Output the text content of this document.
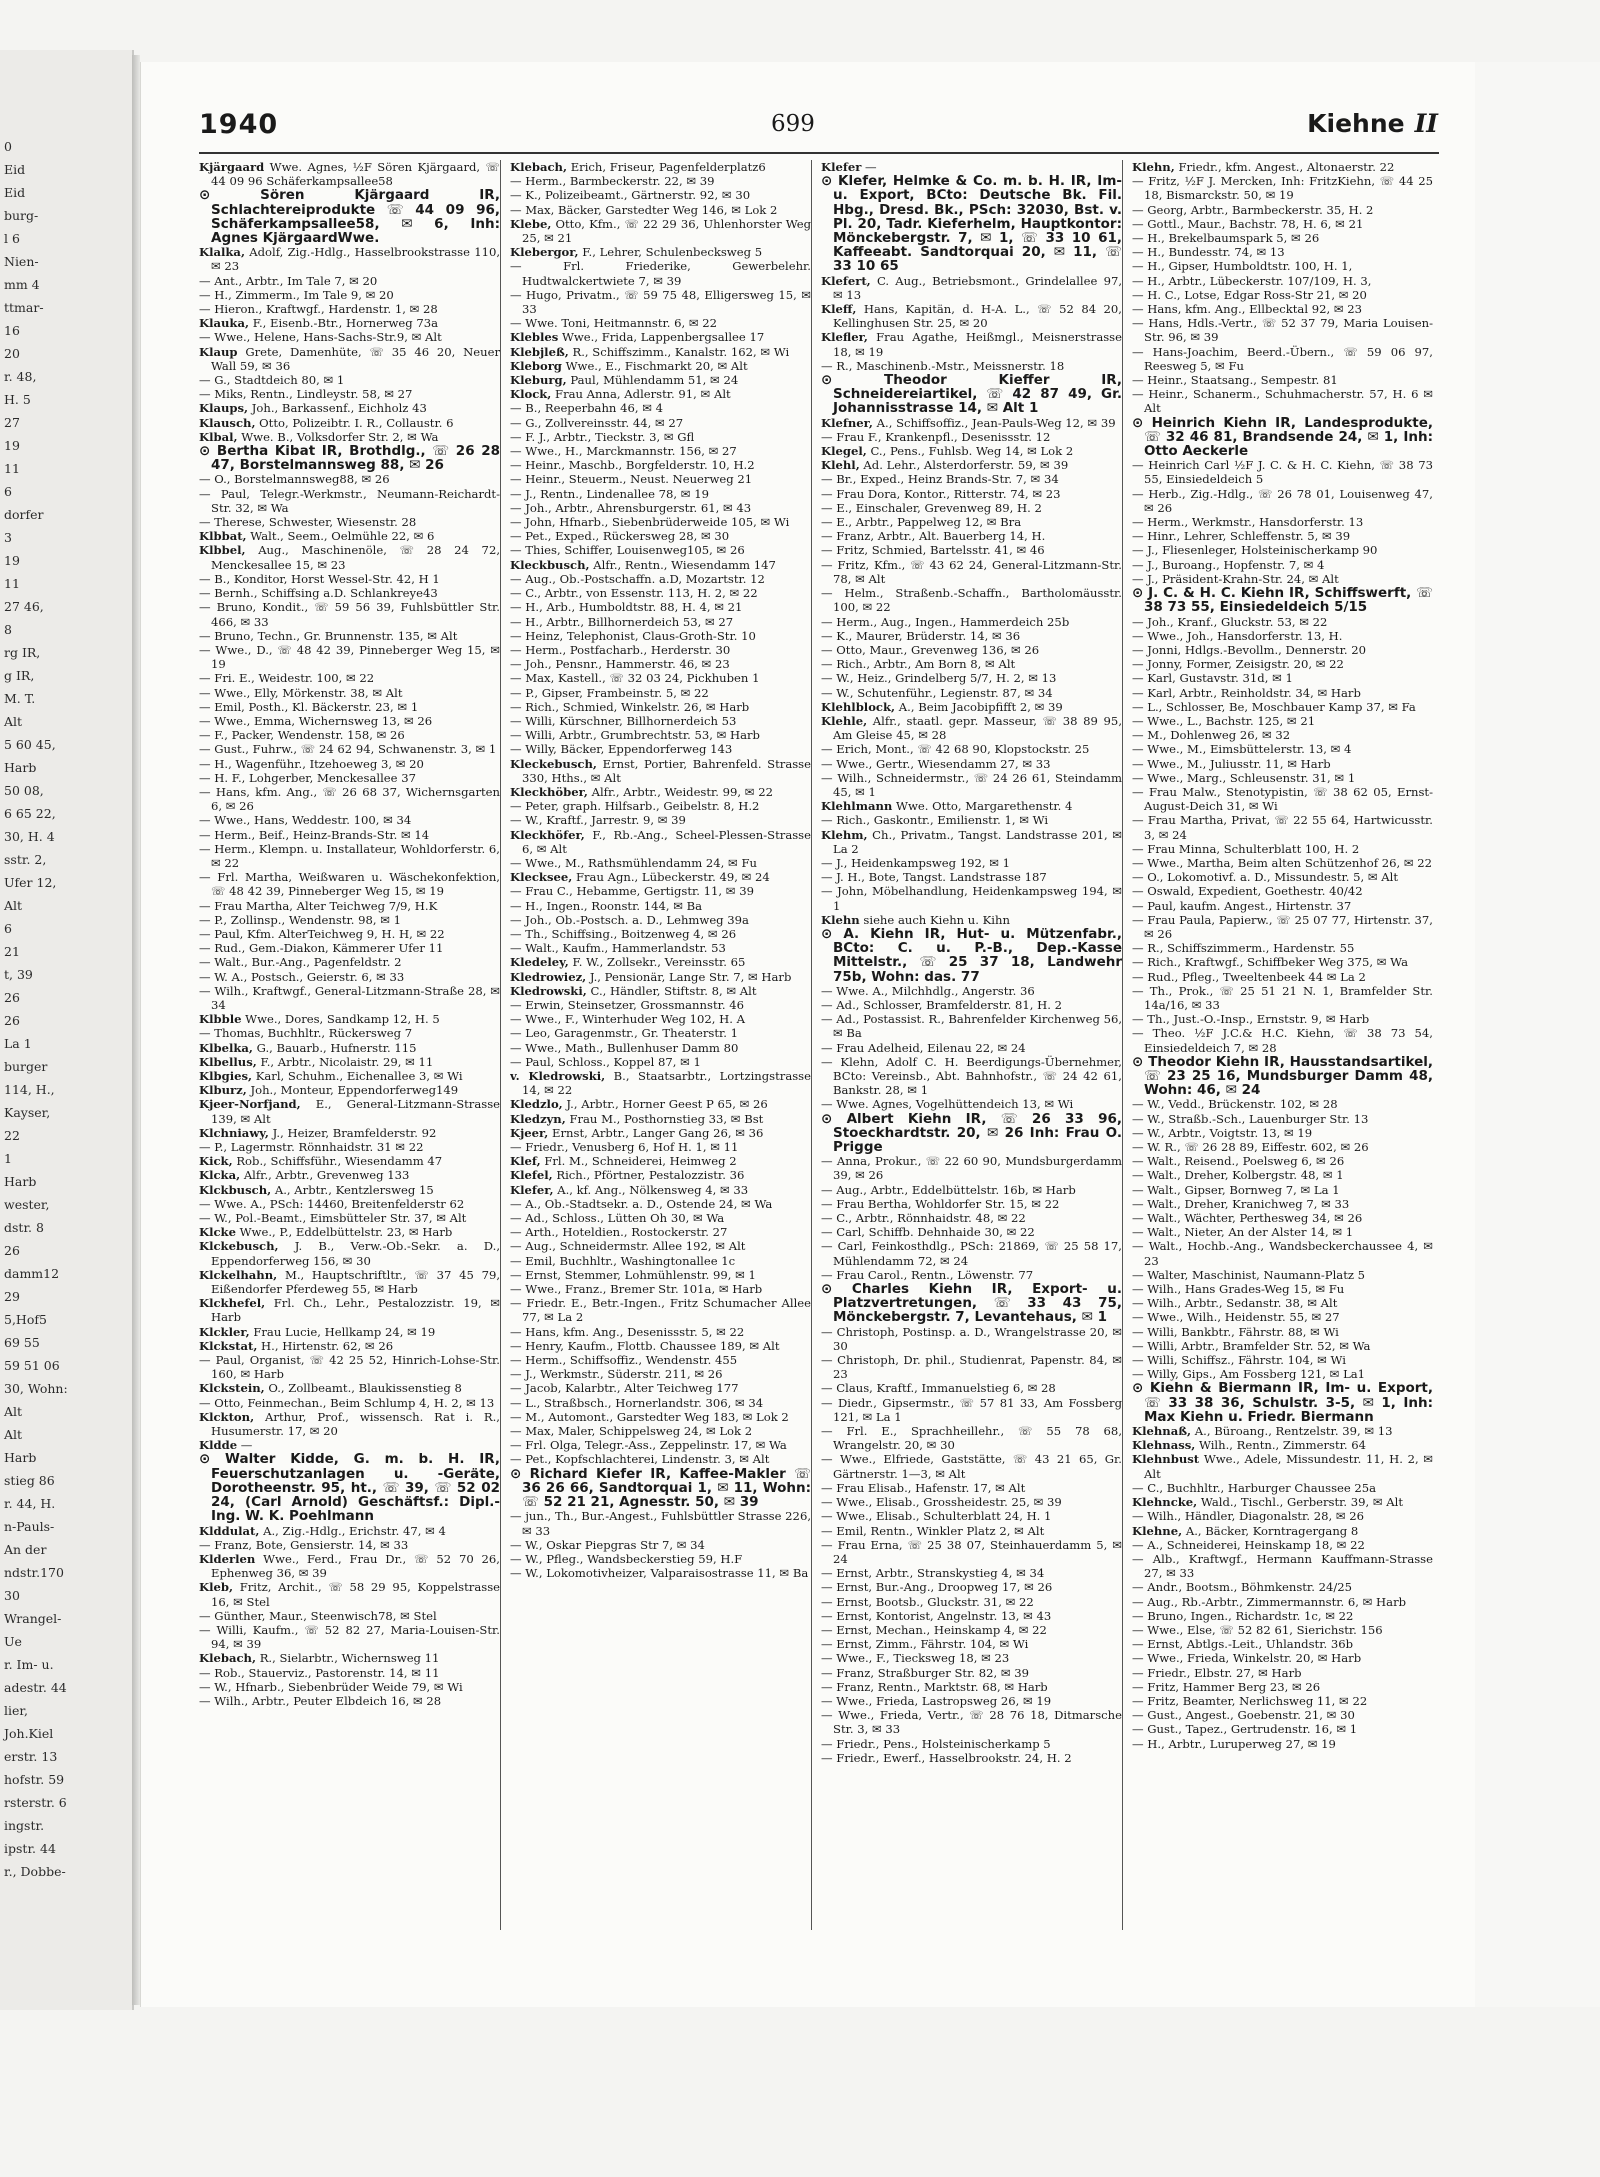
0
Eid
Eid
burg-
l 6
Nien-
mm 4
ttmar-
16
20
r. 48,
H. 5
27
19
11
6
dorfer
3
19
11
27 46,
8
rg IR,
g IR,
M. T.
Alt
5 60 45,
Harb
50 08,
6 65 22,
30, H. 4
sstr. 2,
Ufer 12,
Alt
6
21
t, 39
26
26
La 1
burger
114, H.,
Kayser,
22
1
Harb
wester,
dstr. 8
26
damm12
29
5,Hof5
69 55
59 51 06
30, Wohn:
Alt
Alt
Harb
stieg 86
r. 44, H.
n-Pauls-
An der
ndstr.170
30
Wrangel-
Ue
r. Im- u.
adestr. 44
lier,
Joh.Kiel
erstr. 13
hofstr. 59
rsterstr. 6
ingstr.
ipstr. 44
r., Dobbe-
1940	699	Kiehne II

Kjärgaard Wwe. Agnes, ½F Sören Kjärgaard, ☏ 44 09 96 Schäferkampsallee58

⊙ Sören Kjärgaard IR, Schlachtereiprodukte ☏ 44 09 96, Schäferkampsallee58, ✉ 6, Inh: Agnes KjärgaardWwe.

Klalka, Adolf, Zig.-Hdlg., Hasselbrookstrasse 110, ✉ 23

— Ant., Arbtr., Im Tale 7, ✉ 20

— H., Zimmerm., Im Tale 9, ✉ 20

— Hieron., Kraftwgf., Hardenstr. 1, ✉ 28

Klauka, F., Eisenb.-Btr., Hornerweg 73a

— Wwe., Helene, Hans-Sachs-Str.9, ✉ Alt

Klaup Grete, Damenhüte, ☏ 35 46 20, Neuer Wall 59, ✉ 36

— G., Stadtdeich 80, ✉ 1

— Miks, Rentn., Lindleystr. 58, ✉ 27

Klaups, Joh., Barkassenf., Eichholz 43

Klausch, Otto, Polizeibtr. I. R., Collaustr. 6

Klbal, Wwe. B., Volksdorfer Str. 2, ✉ Wa

⊙ Bertha Kibat IR, Brothdlg., ☏ 26 28 47, Borstelmannsweg 88, ✉ 26

— O., Borstelmannsweg88, ✉ 26

— Paul, Telegr.-Werkmstr., Neumann-Reichardt-Str. 32, ✉ Wa

— Therese, Schwester, Wiesenstr. 28

Klbbat, Walt., Seem., Oelmühle 22, ✉ 6

Klbbel, Aug., Maschinenöle, ☏ 28 24 72, Menckesallee 15, ✉ 23

— B., Konditor, Horst Wessel-Str. 42, H 1

— Bernh., Schiffsing a.D. Schlankreye43

— Bruno, Kondit., ☏ 59 56 39, Fuhlsbüttler Str. 466, ✉ 33

— Bruno, Techn., Gr. Brunnenstr. 135, ✉ Alt

— Wwe., D., ☏ 48 42 39, Pinneberger Weg 15, ✉ 19

— Fri. E., Weidestr. 100, ✉ 22

— Wwe., Elly, Mörkenstr. 38, ✉ Alt

— Emil, Posth., Kl. Bäckerstr. 23, ✉ 1

— Wwe., Emma, Wichernsweg 13, ✉ 26

— F., Packer, Wendenstr. 158, ✉ 26

— Gust., Fuhrw., ☏ 24 62 94, Schwanenstr. 3, ✉ 1

— H., Wagenführ., Itzehoeweg 3, ✉ 20

— H. F., Lohgerber, Menckesallee 37

— Hans, kfm. Ang., ☏ 26 68 37, Wichernsgarten 6, ✉ 26

— Wwe., Hans, Weddestr. 100, ✉ 34

— Herm., Beif., Heinz-Brands-Str. ✉ 14

— Herm., Klempn. u. Installateur, Wohldorferstr. 6, ✉ 22

— Frl. Martha, Weißwaren u. Wäschekonfektion, ☏ 48 42 39, Pinneberger Weg 15, ✉ 19

— Frau Martha, Alter Teichweg 7/9, H.K

— P., Zollinsp., Wendenstr. 98, ✉ 1

— Paul, Kfm. AlterTeichweg 9, H. H, ✉ 22

— Rud., Gem.-Diakon, Kämmerer Ufer 11

— Walt., Bur.-Ang., Pagenfeldstr. 2

— W. A., Postsch., Geierstr. 6, ✉ 33

— Wilh., Kraftwgf., General-Litzmann-Straße 28, ✉ 34

Klbble Wwe., Dores, Sandkamp 12, H. 5

— Thomas, Buchhltr., Rückersweg 7

Klbelka, G., Bauarb., Hufnerstr. 115

Klbellus, F., Arbtr., Nicolaistr. 29, ✉ 11

Klbgies, Karl, Schuhm., Eichenallee 3, ✉ Wi

Klburz, Joh., Monteur, Eppendorferweg149

Kjeer-Norfjand, E., General-Litzmann-Strasse 139, ✉ Alt

Klchniawy, J., Heizer, Bramfelderstr. 92

— P., Lagermstr. Rönnhaidstr. 31 ✉ 22

Kick, Rob., Schiffsführ., Wiesendamm 47

Klcka, Alfr., Arbtr., Grevenweg 133

Klckbusch, A., Arbtr., Kentzlersweg 15

— Wwe. A., PSch: 14460, Breitenfelderstr 62

— W., Pol.-Beamt., Eimsbütteler Str. 37, ✉ Alt

Klcke Wwe., P., Eddelbüttelstr. 23, ✉ Harb

Klckebusch, J. B., Verw.-Ob.-Sekr. a. D., Eppendorferweg 156, ✉ 30

Klckelhahn, M., Hauptschriftltr., ☏ 37 45 79, Eißendorfer Pferdeweg 55, ✉ Harb

Klckhefel, Frl. Ch., Lehr., Pestalozzistr. 19, ✉ Harb

Klckler, Frau Lucie, Hellkamp 24, ✉ 19

Klckstat, H., Hirtenstr. 62, ✉ 26

— Paul, Organist, ☏ 42 25 52, Hinrich-Lohse-Str. 160, ✉ Harb

Klckstein, O., Zollbeamt., Blaukissenstieg 8

— Otto, Feinmechan., Beim Schlump 4, H. 2, ✉ 13

Klckton, Arthur, Prof., wissensch. Rat i. R., Husumerstr. 17, ✉ 20

Kldde —

⊙ Walter Kidde, G. m. b. H. IR, Feuerschutzanlagen u. -Geräte, Dorotheenstr. 95, ht., ☏ 39, ☏ 52 02 24, (Carl Arnold) Geschäftsf.: Dipl.-Ing. W. K. Poehlmann

Klddulat, A., Zig.-Hdlg., Erichstr. 47, ✉ 4

— Franz, Bote, Gensierstr. 14, ✉ 33

Klderlen Wwe., Ferd., Frau Dr., ☏ 52 70 26, Ephenweg 36, ✉ 39

Kleb, Fritz, Archit., ☏ 58 29 95, Koppelstrasse 16, ✉ Stel

— Günther, Maur., Steenwisch78, ✉ Stel

— Willi, Kaufm., ☏ 52 82 27, Maria-Louisen-Str. 94, ✉ 39

Klebach, R., Sielarbtr., Wichernsweg 11

— Rob., Stauerviz., Pastorenstr. 14, ✉ 11

— W., Hfnarb., Siebenbrüder Weide 79, ✉ Wi

— Wilh., Arbtr., Peuter Elbdeich 16, ✉ 28

Klebach, Erich, Friseur, Pagenfelderplatz6

— Herm., Barmbeckerstr. 22, ✉ 39

— K., Polizeibeamt., Gärtnerstr. 92, ✉ 30

— Max, Bäcker, Garstedter Weg 146, ✉ Lok 2

Klebe, Otto, Kfm., ☏ 22 29 36, Uhlenhorster Weg 25, ✉ 21

Klebergor, F., Lehrer, Schulenbecksweg 5

— Frl. Friederike, Gewerbelehr. Hudtwalckertwiete 7, ✉ 39

— Hugo, Privatm., ☏ 59 75 48, Elligersweg 15, ✉ 33

— Wwe. Toni, Heitmannstr. 6, ✉ 22

Klebles Wwe., Frida, Lappenbergsallee 17

Klebjleß, R., Schiffszimm., Kanalstr. 162, ✉ Wi

Kleborg Wwe., E., Fischmarkt 20, ✉ Alt

Kleburg, Paul, Mühlendamm 51, ✉ 24

Klock, Frau Anna, Adlerstr. 91, ✉ Alt

— B., Reeperbahn 46, ✉ 4

— G., Zollvereinsstr. 44, ✉ 27

— F. J., Arbtr., Tieckstr. 3, ✉ Gfl

— Wwe., H., Marckmannstr. 156, ✉ 27

— Heinr., Maschb., Borgfelderstr. 10, H.2

— Heinr., Steuerm., Neust. Neuerweg 21

— J., Rentn., Lindenallee 78, ✉ 19

— Joh., Arbtr., Ahrensburgerstr. 61, ✉ 43

— John, Hfnarb., Siebenbrüderweide 105, ✉ Wi

— Pet., Exped., Rückersweg 28, ✉ 30

— Thies, Schiffer, Louisenweg105, ✉ 26

Kleckbusch, Alfr., Rentn., Wiesendamm 147

— Aug., Ob.-Postschaffn. a.D, Mozartstr. 12

— C., Arbtr., von Essenstr. 113, H. 2, ✉ 22

— H., Arb., Humboldtstr. 88, H. 4, ✉ 21

— H., Arbtr., Billhornerdeich 53, ✉ 27

— Heinz, Telephonist, Claus-Groth-Str. 10

— Herm., Postfacharb., Herderstr. 30

— Joh., Pensnr., Hammerstr. 46, ✉ 23

— Max, Kastell., ☏ 32 03 24, Pickhuben 1

— P., Gipser, Frambeinstr. 5, ✉ 22

— Rich., Schmied, Winkelstr. 26, ✉ Harb

— Willi, Kürschner, Billhornerdeich 53

— Willi, Arbtr., Grumbrechtstr. 53, ✉ Harb

— Willy, Bäcker, Eppendorferweg 143

Kleckebusch, Ernst, Portier, Bahrenfeld. Strasse 330, Hths., ✉ Alt

Kleckhöber, Alfr., Arbtr., Weidestr. 99, ✉ 22

— Peter, graph. Hilfsarb., Geibelstr. 8, H.2

— W., Kraftf., Jarrestr. 9, ✉ 39

Kleckhöfer, F., Rb.-Ang., Scheel-Plessen-Strasse 6, ✉ Alt

— Wwe., M., Rathsmühlendamm 24, ✉ Fu

Klecksee, Frau Agn., Lübeckerstr. 49, ✉ 24

— Frau C., Hebamme, Gertigstr. 11, ✉ 39

— H., Ingen., Roonstr. 144, ✉ Ba

— Joh., Ob.-Postsch. a. D., Lehmweg 39a

— Th., Schiffsing., Boitzenweg 4, ✉ 26

— Walt., Kaufm., Hammerlandstr. 53

Kledeley, F. W., Zollsekr., Vereinsstr. 65

Kledrowiez, J., Pensionär, Lange Str. 7, ✉ Harb

Kledrowski, C., Händler, Stiftstr. 8, ✉ Alt

— Erwin, Steinsetzer, Grossmannstr. 46

— Wwe., F., Winterhuder Weg 102, H. A

— Leo, Garagenmstr., Gr. Theaterstr. 1

— Wwe., Math., Bullenhuser Damm 80

— Paul, Schloss., Koppel 87, ✉ 1

v. Kledrowski, B., Staatsarbtr., Lortzingstrasse 14, ✉ 22

Kledzlo, J., Arbtr., Horner Geest P 65, ✉ 26

Kledzyn, Frau M., Posthornstieg 33, ✉ Bst

Kjeer, Ernst, Arbtr., Langer Gang 26, ✉ 36

— Friedr., Venusberg 6, Hof H. 1, ✉ 11

Klef, Frl. M., Schneiderei, Heimweg 2

Klefel, Rich., Pförtner, Pestalozzistr. 36

Klefer, A., kf. Ang., Nölkensweg 4, ✉ 33

— A., Ob.-Stadtsekr. a. D., Ostende 24, ✉ Wa

— Ad., Schloss., Lütten Oh 30, ✉ Wa

— Arth., Hoteldien., Rostockerstr. 27

— Aug., Schneidermstr. Allee 192, ✉ Alt

— Emil, Buchhltr., Washingtonallee 1c

— Ernst, Stemmer, Lohmühlenstr. 99, ✉ 1

— Wwe., Franz., Bremer Str. 101a, ✉ Harb

— Friedr. E., Betr.-Ingen., Fritz Schumacher Allee 77, ✉ La 2

— Hans, kfm. Ang., Desenissstr. 5, ✉ 22

— Henry, Kaufm., Flottb. Chaussee 189, ✉ Alt

— Herm., Schiffsoffiz., Wendenstr. 455

— J., Werkmstr., Süderstr. 211, ✉ 26

— Jacob, Kalarbtr., Alter Teichweg 177

— L., Straßbsch., Hornerlandstr. 306, ✉ 34

— M., Automont., Garstedter Weg 183, ✉ Lok 2

— Max, Maler, Schippelsweg 24, ✉ Lok 2

— Frl. Olga, Telegr.-Ass., Zeppelinstr. 17, ✉ Wa

— Pet., Kopfschlachterei, Lindenstr. 3, ✉ Alt

⊙ Richard Kiefer IR, Kaffee-Makler ☏ 36 26 66, Sandtorquai 1, ✉ 11, Wohn: ☏ 52 21 21, Agnesstr. 50, ✉ 39

— jun., Th., Bur.-Angest., Fuhlsbüttler Strasse 226, ✉ 33

— W., Oskar Piepgras Str 7, ✉ 34

— W., Pfleg., Wandsbeckerstieg 59, H.F

— W., Lokomotivheizer, Valparaisostrasse 11, ✉ Ba

Klefer —

⊙ Klefer, Helmke & Co. m. b. H. IR, Im- u. Export, BCto: Deutsche Bk. Fil. Hbg., Dresd. Bk., PSch: 32030, Bst. v. Pl. 20, Tadr. Kieferhelm, Hauptkontor: Mönckebergstr. 7, ✉ 1, ☏ 33 10 61, Kaffeeabt. Sandtorquai 20, ✉ 11, ☏ 33 10 65

Klefert, C. Aug., Betriebsmont., Grindelallee 97, ✉ 13

Kleff, Hans, Kapitän, d. H-A. L., ☏ 52 84 20, Kellinghusen Str. 25, ✉ 20

Klefler, Frau Agathe, Heißmgl., Meisnerstrasse 18, ✉ 19

— R., Maschinenb.-Mstr., Meissnerstr. 18

⊙ Theodor Kieffer IR, Schneidereiartikel, ☏ 42 87 49, Gr. Johannisstrasse 14, ✉ Alt 1

Klefner, A., Schiffsoffiz., Jean-Pauls-Weg 12, ✉ 39

— Frau F., Krankenpfl., Desenissstr. 12

Klegel, C., Pens., Fuhlsb. Weg 14, ✉ Lok 2

Klehl, Ad. Lehr., Alsterdorferstr. 59, ✉ 39

— Br., Exped., Heinz Brands-Str. 7, ✉ 34

— Frau Dora, Kontor., Ritterstr. 74, ✉ 23

— E., Einschaler, Grevenweg 89, H. 2

— E., Arbtr., Pappelweg 12, ✉ Bra

— Franz, Arbtr., Alt. Bauerberg 14, H.

— Fritz, Schmied, Bartelsstr. 41, ✉ 46

— Fritz, Kfm., ☏ 43 62 24, General-Litzmann-Str. 78, ✉ Alt

— Helm., Straßenb.-Schaffn., Bartholomäusstr. 100, ✉ 22

— Herm., Aug., Ingen., Hammerdeich 25b

— K., Maurer, Brüderstr. 14, ✉ 36

— Otto, Maur., Grevenweg 136, ✉ 26

— Rich., Arbtr., Am Born 8, ✉ Alt

— W., Heiz., Grindelberg 5/7, H. 2, ✉ 13

— W., Schutenführ., Legienstr. 87, ✉ 34

Klehlblock, A., Beim Jacobipfifft 2, ✉ 39

Klehle, Alfr., staatl. gepr. Masseur, ☏ 38 89 95, Am Gleise 45, ✉ 28

— Erich, Mont., ☏ 42 68 90, Klopstockstr. 25

— Wwe., Gertr., Wiesendamm 27, ✉ 33

— Wilh., Schneidermstr., ☏ 24 26 61, Steindamm 45, ✉ 1

Klehlmann Wwe. Otto, Margarethenstr. 4

— Rich., Gaskontr., Emilienstr. 1, ✉ Wi

Klehm, Ch., Privatm., Tangst. Landstrasse 201, ✉ La 2

— J., Heidenkampsweg 192, ✉ 1

— J. H., Bote, Tangst. Landstrasse 187

— John, Möbelhandlung, Heidenkampsweg 194, ✉ 1

Klehn siehe auch Kiehn u. Kihn

⊙ A. Kiehn IR, Hut- u. Mützenfabr., BCto: C. u. P.-B., Dep.-Kasse Mittelstr., ☏ 25 37 18, Landwehr 75b, Wohn: das. 77

— Wwe. A., Milchhdlg., Angerstr. 36

— Ad., Schlosser, Bramfelderstr. 81, H. 2

— Ad., Postassist. R., Bahrenfelder Kirchenweg 56, ✉ Ba

— Frau Adelheid, Eilenau 22, ✉ 24

— Klehn, Adolf C. H. Beerdigungs-Übernehmer, BCto: Vereinsb., Abt. Bahnhofstr., ☏ 24 42 61, Bankstr. 28, ✉ 1

— Wwe. Agnes, Vogelhüttendeich 13, ✉ Wi

⊙ Albert Kiehn IR, ☏ 26 33 96, Stoeckhardtstr. 20, ✉ 26 Inh: Frau O. Prigge

— Anna, Prokur., ☏ 22 60 90, Mundsburgerdamm 39, ✉ 26

— Aug., Arbtr., Eddelbüttelstr. 16b, ✉ Harb

— Frau Bertha, Wohldorfer Str. 15, ✉ 22

— C., Arbtr., Rönnhaidstr. 48, ✉ 22

— Carl, Schiffb. Dehnhaide 30, ✉ 22

— Carl, Feinkosthdlg., PSch: 21869, ☏ 25 58 17, Mühlendamm 72, ✉ 24

— Frau Carol., Rentn., Löwenstr. 77

⊙ Charles Kiehn IR, Export- u. Platzvertretungen, ☏ 33 43 75, Mönckebergstr. 7, Levantehaus, ✉ 1

— Christoph, Postinsp. a. D., Wrangelstrasse 20, ✉ 30

— Christoph, Dr. phil., Studienrat, Papenstr. 84, ✉ 23

— Claus, Kraftf., Immanuelstieg 6, ✉ 28

— Diedr., Gipsermstr., ☏ 57 81 33, Am Fossberg 121, ✉ La 1

— Frl. E., Sprachheillehr., ☏ 55 78 68, Wrangelstr. 20, ✉ 30

— Wwe., Elfriede, Gaststätte, ☏ 43 21 65, Gr. Gärtnerstr. 1—3, ✉ Alt

— Frau Elisab., Hafenstr. 17, ✉ Alt

— Wwe., Elisab., Grossheidestr. 25, ✉ 39

— Wwe., Elisab., Schulterblatt 24, H. 1

— Emil, Rentn., Winkler Platz 2, ✉ Alt

— Frau Erna, ☏ 25 38 07, Steinhauerdamm 5, ✉ 24

— Ernst, Arbtr., Stranskystieg 4, ✉ 34

— Ernst, Bur.-Ang., Droopweg 17, ✉ 26

— Ernst, Bootsb., Gluckstr. 31, ✉ 22

— Ernst, Kontorist, Angelnstr. 13, ✉ 43

— Ernst, Mechan., Heinskamp 4, ✉ 22

— Ernst, Zimm., Fährstr. 104, ✉ Wi

— Wwe., F., Tiecksweg 18, ✉ 23

— Franz, Straßburger Str. 82, ✉ 39

— Franz, Rentn., Marktstr. 68, ✉ Harb

— Wwe., Frieda, Lastropsweg 26, ✉ 19

— Wwe., Frieda, Vertr., ☏ 28 76 18, Ditmarsche Str. 3, ✉ 33

— Friedr., Pens., Holsteinischerkamp 5

— Friedr., Ewerf., Hasselbrookstr. 24, H. 2

Klehn, Friedr., kfm. Angest., Altonaerstr. 22

— Fritz, ½F J. Mercken, Inh: FritzKiehn, ☏ 44 25 18, Bismarckstr. 50, ✉ 19

— Georg, Arbtr., Barmbeckerstr. 35, H. 2

— Gottl., Maur., Bachstr. 78, H. 6, ✉ 21

— H., Brekelbaumspark 5, ✉ 26

— H., Bundesstr. 74, ✉ 13

— H., Gipser, Humboldtstr. 100, H. 1,

— H., Arbtr., Lübeckerstr. 107/109, H. 3,

— H. C., Lotse, Edgar Ross-Str 21, ✉ 20

— Hans, kfm. Ang., Ellbecktal 92, ✉ 23

— Hans, Hdls.-Vertr., ☏ 52 37 79, Maria Louisen-Str. 96, ✉ 39

— Hans-Joachim, Beerd.-Übern., ☏ 59 06 97, Reesweg 5, ✉ Fu

— Heinr., Staatsang., Sempestr. 81

— Heinr., Schanerm., Schuhmacherstr. 57, H. 6 ✉ Alt

⊙ Heinrich Kiehn IR, Landesprodukte, ☏ 32 46 81, Brandsende 24, ✉ 1, Inh: Otto Aeckerle

— Heinrich Carl ½F J. C. & H. C. Kiehn, ☏ 38 73 55, Einsiedeldeich 5

— Herb., Zig.-Hdlg., ☏ 26 78 01, Louisenweg 47, ✉ 26

— Herm., Werkmstr., Hansdorferstr. 13

— Hinr., Lehrer, Schleffenstr. 5, ✉ 39

— J., Fliesenleger, Holsteinischerkamp 90

— J., Buroang., Hopfenstr. 7, ✉ 4

— J., Präsident-Krahn-Str. 24, ✉ Alt

⊙ J. C. & H. C. Kiehn IR, Schiffswerft, ☏ 38 73 55, Einsiedeldeich 5/15

— Joh., Kranf., Gluckstr. 53, ✉ 22

— Wwe., Joh., Hansdorferstr. 13, H.

— Jonni, Hdlgs.-Bevollm., Dennerstr. 20

— Jonny, Former, Zeisigstr. 20, ✉ 22

— Karl, Gustavstr. 31d, ✉ 1

— Karl, Arbtr., Reinholdstr. 34, ✉ Harb

— L., Schlosser, Be, Moschbauer Kamp 37, ✉ Fa

— Wwe., L., Bachstr. 125, ✉ 21

— M., Dohlenweg 26, ✉ 32

— Wwe., M., Eimsbüttelerstr. 13, ✉ 4

— Wwe., M., Juliusstr. 11, ✉ Harb

— Wwe., Marg., Schleusenstr. 31, ✉ 1

— Frau Malw., Stenotypistin, ☏ 38 62 05, Ernst-August-Deich 31, ✉ Wi

— Frau Martha, Privat, ☏ 22 55 64, Hartwicusstr. 3, ✉ 24

— Frau Minna, Schulterblatt 100, H. 2

— Wwe., Martha, Beim alten Schützenhof 26, ✉ 22

— O., Lokomotivf. a. D., Missundestr. 5, ✉ Alt

— Oswald, Expedient, Goethestr. 40/42

— Paul, kaufm. Angest., Hirtenstr. 37

— Frau Paula, Papierw., ☏ 25 07 77, Hirtenstr. 37, ✉ 26

— R., Schiffszimmerm., Hardenstr. 55

— Rich., Kraftwgf., Schiffbeker Weg 375, ✉ Wa

— Rud., Pfleg., Tweeltenbeek 44 ✉ La 2

— Th., Prok., ☏ 25 51 21 N. 1, Bramfelder Str. 14a/16, ✉ 33

— Th., Just.-O.-Insp., Ernststr. 9, ✉ Harb

— Theo. ½F J.C.& H.C. Kiehn, ☏ 38 73 54, Einsiedeldeich 7, ✉ 28

⊙ Theodor Kiehn IR, Hausstandsartikel, ☏ 23 25 16, Mundsburger Damm 48, Wohn: 46, ✉ 24

— W., Vedd., Brückenstr. 102, ✉ 28

— W., Straßb.-Sch., Lauenburger Str. 13

— W., Arbtr., Voigtstr. 13, ✉ 19

— W. R., ☏ 26 28 89, Eiffestr. 602, ✉ 26

— Walt., Reisend., Poelsweg 6, ✉ 26

— Walt., Dreher, Kolbergstr. 48, ✉ 1

— Walt., Gipser, Bornweg 7, ✉ La 1

— Walt., Dreher, Kranichweg 7, ✉ 33

— Walt., Wächter, Perthesweg 34, ✉ 26

— Walt., Nieter, An der Alster 14, ✉ 1

— Walt., Hochb.-Ang., Wandsbeckerchaussee 4, ✉ 23

— Walter, Maschinist, Naumann-Platz 5

— Wilh., Hans Grades-Weg 15, ✉ Fu

— Wilh., Arbtr., Sedanstr. 38, ✉ Alt

— Wwe., Wilh., Heidenstr. 55, ✉ 27

— Willi, Bankbtr., Fährstr. 88, ✉ Wi

— Willi, Arbtr., Bramfelder Str. 52, ✉ Wa

— Willi, Schiffsz., Fährstr. 104, ✉ Wi

— Willy, Gips., Am Fossberg 121, ✉ La1

⊙ Kiehn & Biermann IR, Im- u. Export, ☏ 33 38 36, Schulstr. 3-5, ✉ 1, Inh: Max Kiehn u. Friedr. Biermann

Klehnaß, A., Büroang., Rentzelstr. 39, ✉ 13

Klehnass, Wilh., Rentn., Zimmerstr. 64

Klehnbust Wwe., Adele, Missundestr. 11, H. 2, ✉ Alt

— C., Buchhltr., Harburger Chaussee 25a

Klehncke, Wald., Tischl., Gerberstr. 39, ✉ Alt

— Wilh., Händler, Diagonalstr. 28, ✉ 26

Klehne, A., Bäcker, Korntragergang 8

— A., Schneiderei, Heinskamp 18, ✉ 22

— Alb., Kraftwgf., Hermann Kauffmann-Strasse 27, ✉ 33

— Andr., Bootsm., Böhmkenstr. 24/25

— Aug., Rb.-Arbtr., Zimmermannstr. 6, ✉ Harb

— Bruno, Ingen., Richardstr. 1c, ✉ 22

— Wwe., Else, ☏ 52 82 61, Sierichstr. 156

— Ernst, Abtlgs.-Leit., Uhlandstr. 36b

— Wwe., Frieda, Winkelstr. 20, ✉ Harb

— Friedr., Elbstr. 27, ✉ Harb

— Fritz, Hammer Berg 23, ✉ 26

— Fritz, Beamter, Nerlichsweg 11, ✉ 22

— Gust., Angest., Goebenstr. 21, ✉ 30

— Gust., Tapez., Gertrudenstr. 16, ✉ 1

— H., Arbtr., Luruperweg 27, ✉ 19
